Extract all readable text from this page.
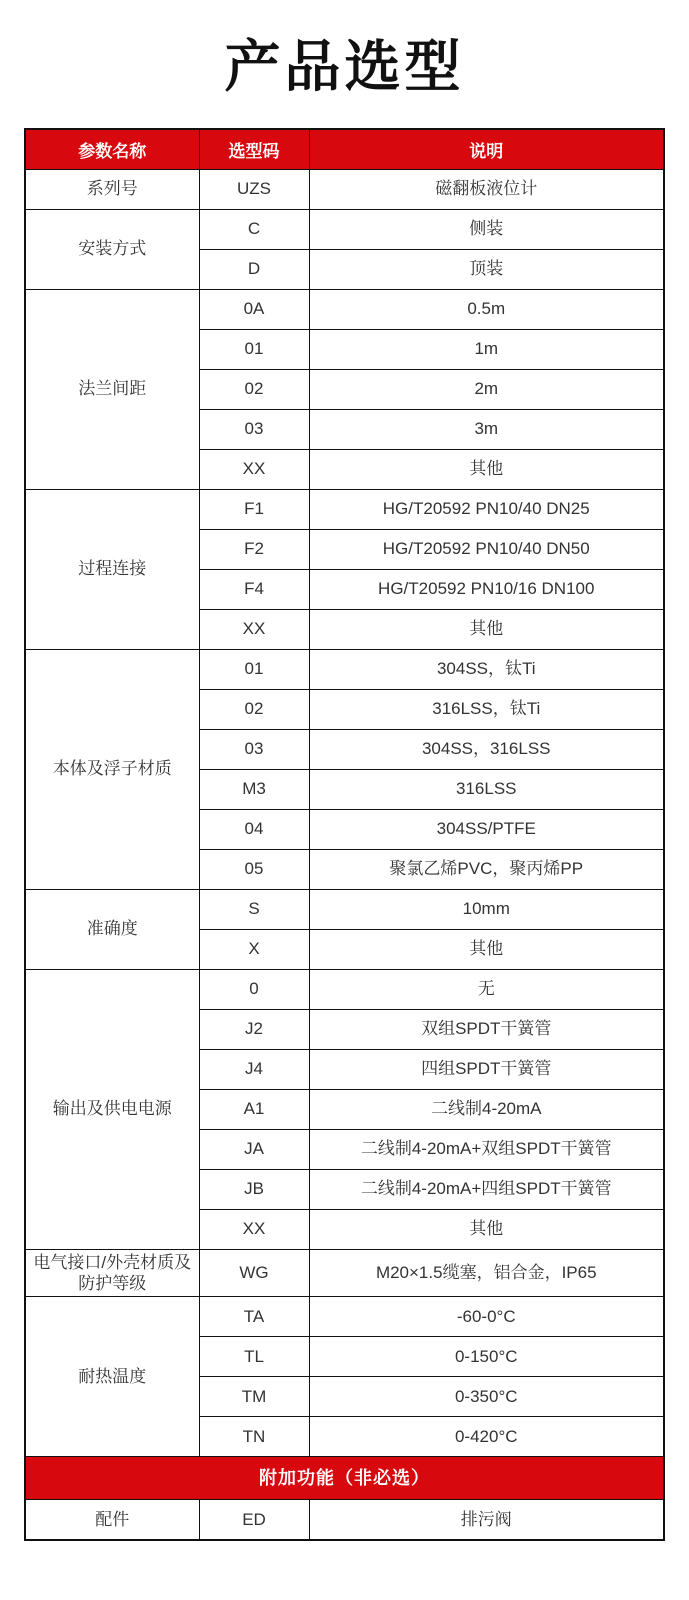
产品选型
参数名称	选型码	说明
系列号	UZS	磁翻板液位计
安装方式	C	侧装
	D	顶装
法兰间距	0A	0.5m
	01	1m
	02	2m
	03	3m
	XX	其他
过程连接	F1	HG/T20592 PN10/40 DN25
	F2	HG/T20592 PN10/40 DN50
	F4	HG/T20592 PN10/16 DN100
	XX	其他
本体及浮子材质	01	304SS，钛Ti
	02	316LSS，钛Ti
	03	304SS，316LSS
	M3	316LSS
	04	304SS/PTFE
	05	聚氯乙烯PVC，聚丙烯PP
准确度	S	10mm
	X	其他
输出及供电电源	0	无
	J2	双组SPDT干簧管
	J4	四组SPDT干簧管
	A1	二线制4-20mA
	JA	二线制4-20mA+双组SPDT干簧管
	JB	二线制4-20mA+四组SPDT干簧管
	XX	其他
电气接口/外壳材质及防护等级	WG	M20×1.5缆塞，铝合金，IP65
耐热温度	TA	-60-0°C
	TL	0-150°C
	TM	0-350°C
	TN	0-420°C
附加功能（非必选）		
配件	ED	排污阀
